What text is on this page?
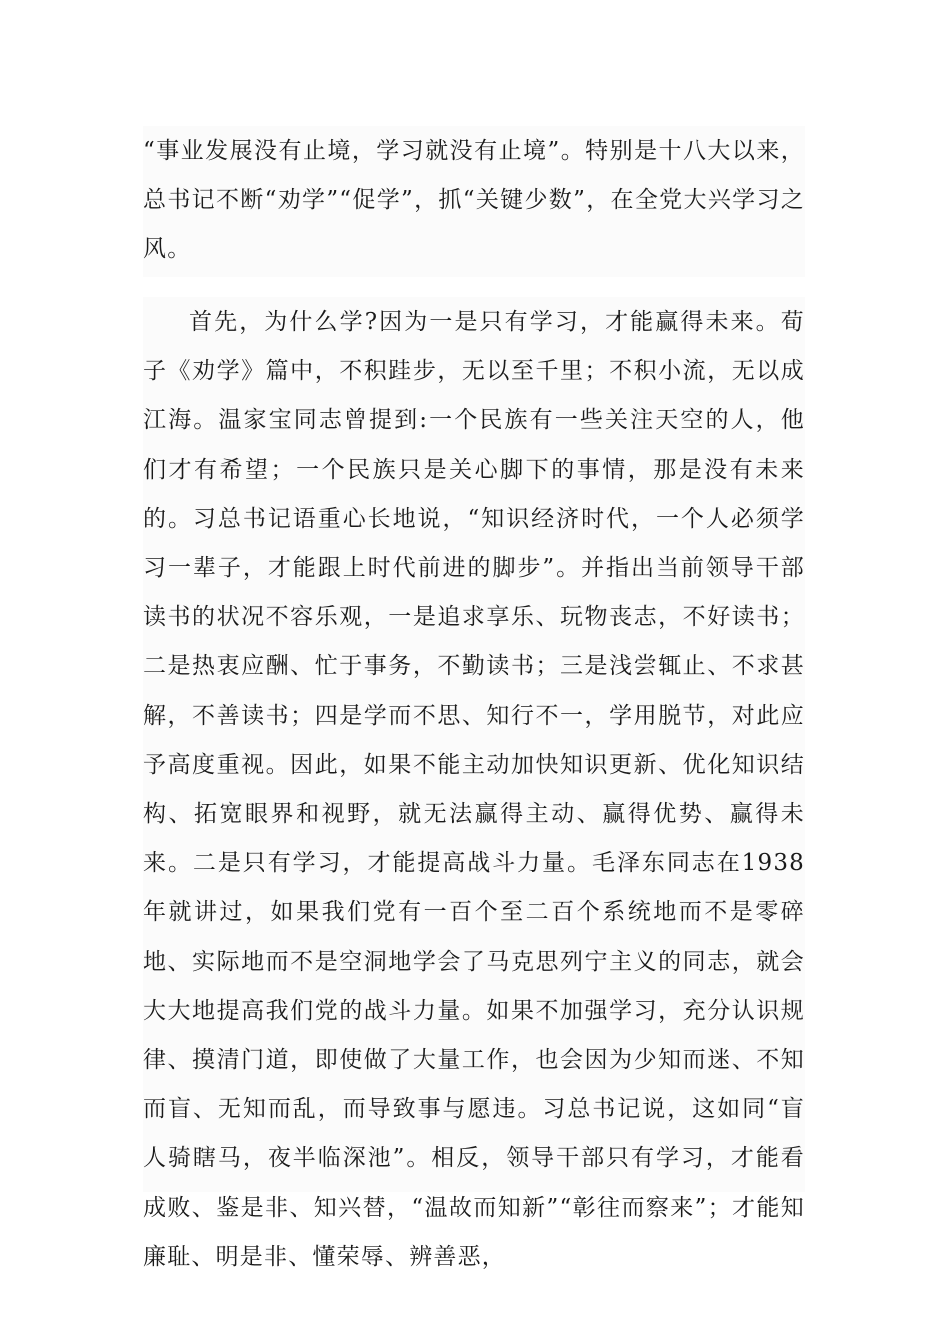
“事业发展没有止境，学习就没有止境”。特别是十八大以来，总书记不断“劝学”“促学”，抓“关键少数”，在全党大兴学习之风。

首先，为什么学?因为一是只有学习，才能赢得未来。荀子《劝学》篇中，不积跬步，无以至千里；不积小流，无以成江海。温家宝同志曾提到:一个民族有一些关注天空的人，他们才有希望；一个民族只是关心脚下的事情，那是没有未来的。习总书记语重心长地说，“知识经济时代，一个人必须学习一辈子，才能跟上时代前进的脚步”。并指出当前领导干部读书的状况不容乐观，一是追求享乐、玩物丧志，不好读书；二是热衷应酬、忙于事务，不勤读书；三是浅尝辄止、不求甚解，不善读书；四是学而不思、知行不一，学用脱节，对此应予高度重视。因此，如果不能主动加快知识更新、优化知识结构、拓宽眼界和视野，就无法赢得主动、赢得优势、赢得未来。二是只有学习，才能提高战斗力量。毛泽东同志在1938年就讲过，如果我们党有一百个至二百个系统地而不是零碎地、实际地而不是空洞地学会了马克思列宁主义的同志，就会大大地提高我们党的战斗力量。如果不加强学习，充分认识规律、摸清门道，即使做了大量工作，也会因为少知而迷、不知而盲、无知而乱，而导致事与愿违。习总书记说，这如同“盲人骑瞎马，夜半临深池”。相反，领导干部只有学习，才能看成败、鉴是非、知兴替，“温故而知新”“彰往而察来”；才能知廉耻、明是非、懂荣辱、辨善恶，
